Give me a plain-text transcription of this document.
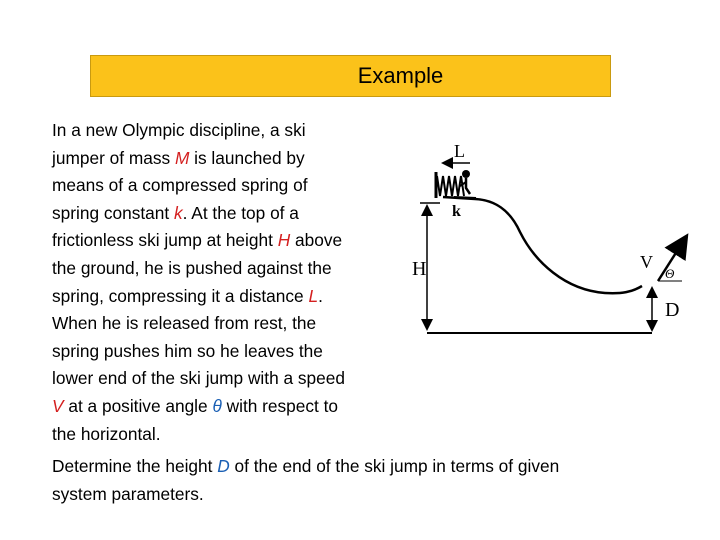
Example
In a new Olympic discipline, a ski
jumper of mass M is launched by
means of a compressed spring of
spring constant k. At the top of a
frictionless ski jump at height H above
the ground, he is pushed against the
spring, compressing it a distance L.
When he is released from rest, the
spring pushes him so he leaves the
lower end of the ski jump with a speed
V at a positive angle θ with respect to
the horizontal.
Determine the height D of the end of the ski jump in terms of given
system parameters.
H
D
V
Θ
L
k
